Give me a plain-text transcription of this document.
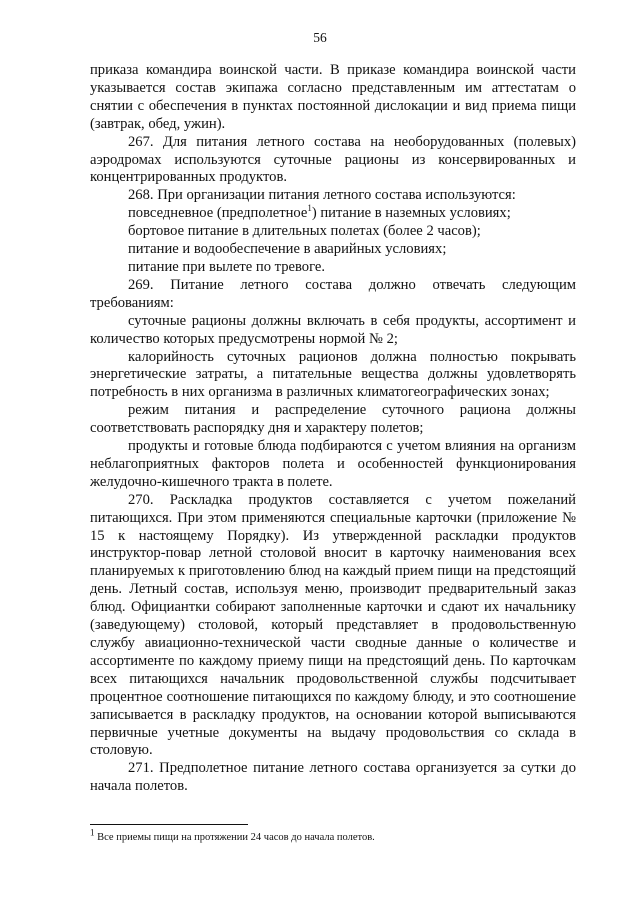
56

приказа командира воинской части. В приказе командира воинской части указывается состав экипажа согласно представленным им аттестатам о снятии с обеспечения в пунктах постоянной дислокации и вид приема пищи (завтрак, обед, ужин).

267. Для питания летного состава на необорудованных (полевых) аэродромах используются суточные рационы из консервированных и концентрированных продуктов.

268. При организации питания летного состава используются:

повседневное (предполетное$^1$) питание в наземных условиях;

бортовое питание в длительных полетах (более 2 часов);

питание и водообеспечение в аварийных условиях;

питание при вылете по тревоге.

269. Питание летного состава должно отвечать следующим требованиям:

суточные рационы должны включать в себя продукты, ассортимент и количество которых предусмотрены нормой № 2;

калорийность суточных рационов должна полностью покрывать энергетические затраты, а питательные вещества должны удовлетворять потребность в них организма в различных климатогеографических зонах;

режим питания и распределение суточного рациона должны соответствовать распорядку дня и характеру полетов;

продукты и готовые блюда подбираются с учетом влияния на организм неблагоприятных факторов полета и особенностей функционирования желудочно-кишечного тракта в полете.

270. Раскладка продуктов составляется с учетом пожеланий питающихся. При этом применяются специальные карточки (приложение № 15 к настоящему Порядку). Из утвержденной раскладки продуктов инструктор-повар летной столовой вносит в карточку наименования всех планируемых к приготовлению блюд на каждый прием пищи на предстоящий день. Летный состав, используя меню, производит предварительный заказ блюд. Официантки собирают заполненные карточки и сдают их начальнику (заведующему) столовой, который представляет в продовольственную службу авиационно-технической части сводные данные о количестве и ассортименте по каждому приему пищи на предстоящий день. По карточкам всех питающихся начальник продовольственной службы подсчитывает процентное соотношение питающихся по каждому блюду, и это соотношение записывается в раскладку продуктов, на основании которой выписываются первичные учетные документы на выдачу продовольствия со склада в столовую.

271. Предполетное питание летного состава организуется за сутки до начала полетов.

$^1$ Все приемы пищи на протяжении 24 часов до начала полетов.
